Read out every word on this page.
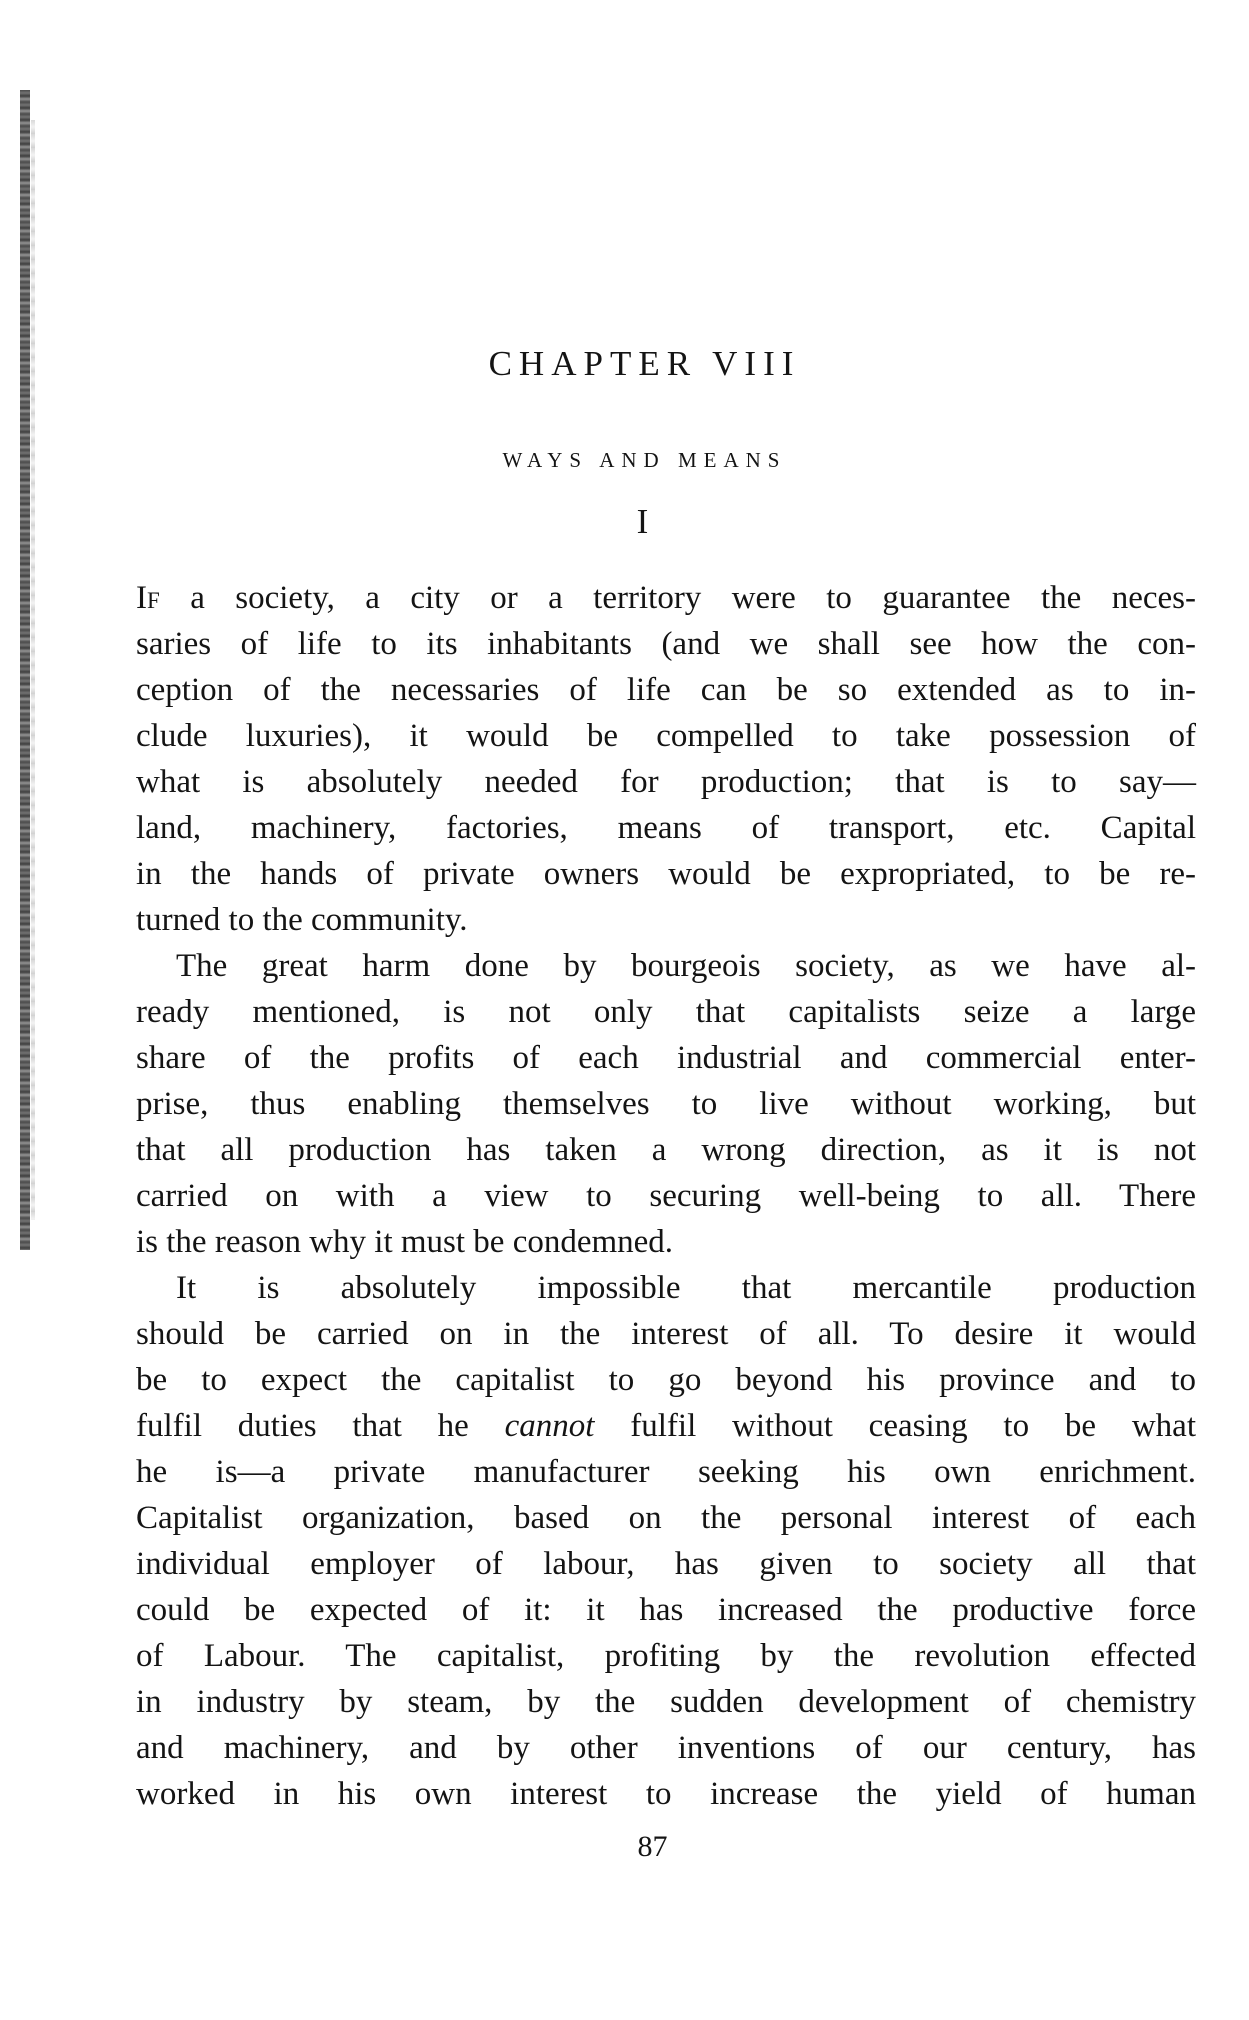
CHAPTER VIII
WAYS AND MEANS
I
If a society, a city or a territory were to guarantee the neces-
saries of life to its inhabitants (and we shall see how the con-
ception of the necessaries of life can be so extended as to in-
clude luxuries), it would be compelled to take possession of
what is absolutely needed for production; that is to say—
land, machinery, factories, means of transport, etc. Capital
in the hands of private owners would be expropriated, to be re-
turned to the community.
The great harm done by bourgeois society, as we have al-
ready mentioned, is not only that capitalists seize a large
share of the profits of each industrial and commercial enter-
prise, thus enabling themselves to live without working, but
that all production has taken a wrong direction, as it is not
carried on with a view to securing well-being to all. There
is the reason why it must be condemned.
It is absolutely impossible that mercantile production
should be carried on in the interest of all. To desire it would
be to expect the capitalist to go beyond his province and to
fulfil duties that he cannot fulfil without ceasing to be what
he is—a private manufacturer seeking his own enrichment.
Capitalist organization, based on the personal interest of each
individual employer of labour, has given to society all that
could be expected of it: it has increased the productive force
of Labour. The capitalist, profiting by the revolution effected
in industry by steam, by the sudden development of chemistry
and machinery, and by other inventions of our century, has
worked in his own interest to increase the yield of human
87
